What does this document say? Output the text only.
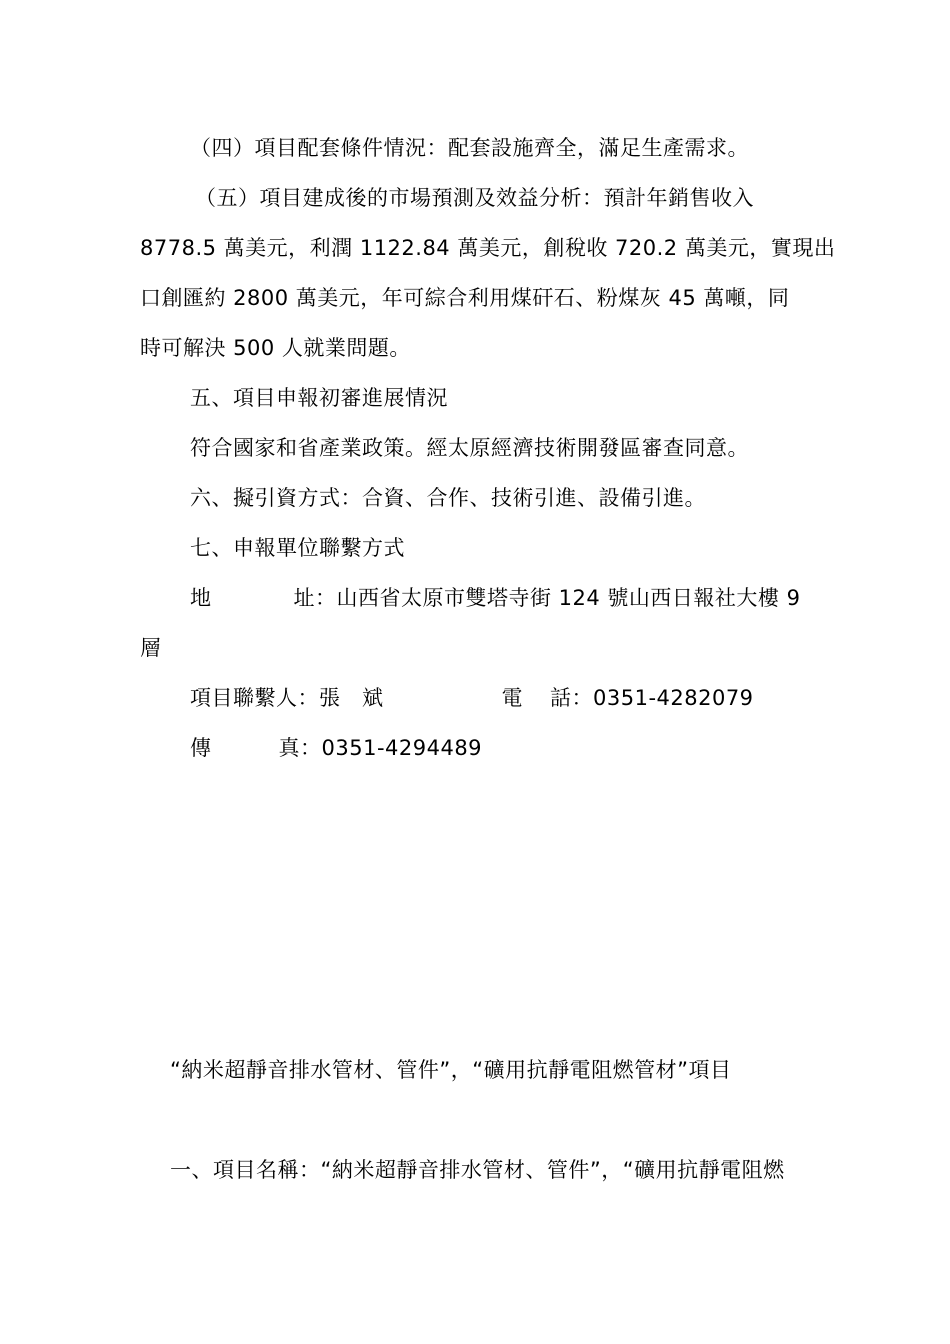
（四）項目配套條件情況：配套設施齊全，滿足生產需求。
（五）項目建成後的市場預測及效益分析：預計年銷售收入
8778.5 萬美元，利潤 1122.84 萬美元，創稅收 720.2 萬美元，實現出
口創匯約 2800 萬美元，年可綜合利用煤矸石、粉煤灰 45 萬噸，同
時可解決 500 人就業問題。
五、項目申報初審進展情況
符合國家和省產業政策。經太原經濟技術開發區審查同意。
六、擬引資方式：合資、合作、技術引進、設備引進。
七、申報單位聯繫方式
地	址：山西省太原市雙塔寺街 124 號山西日報社大樓 9
層
項目聯繫人：張　斌	電 話：0351-4282079
傳	真：0351-4294489
“納米超靜音排水管材、管件”，“礦用抗靜電阻燃管材”項目
一、項目名稱：“納米超靜音排水管材、管件”，“礦用抗靜電阻燃
